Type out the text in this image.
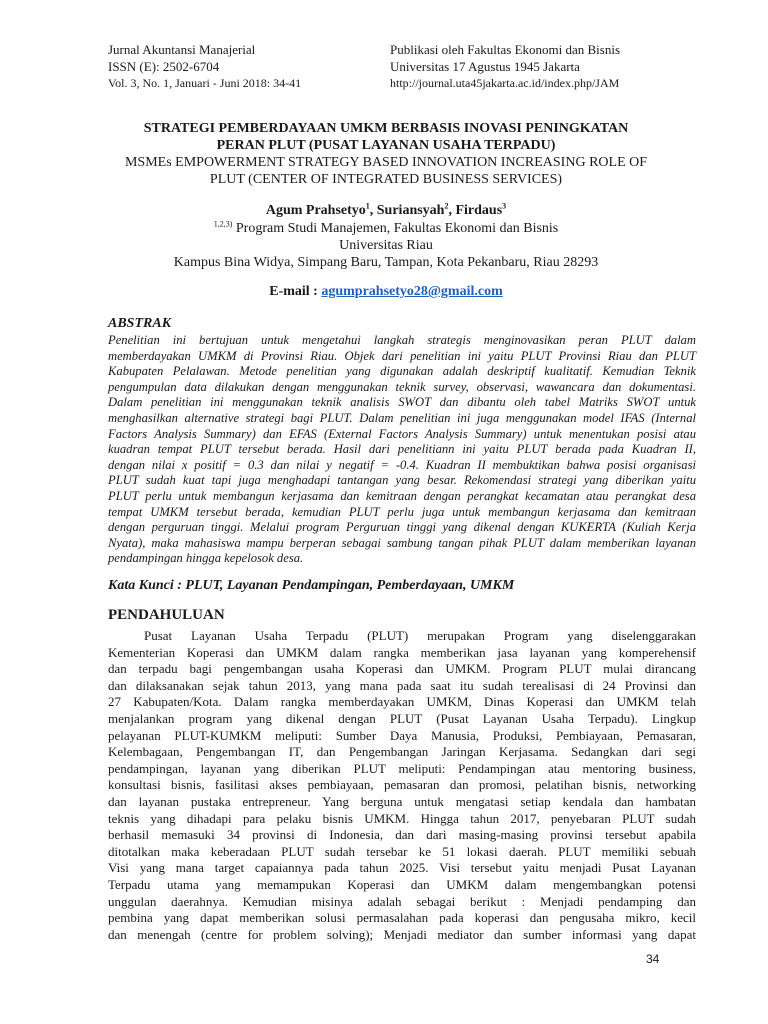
Jurnal Akuntansi Manajerial
ISSN (E): 2502-6704
Vol. 3, No. 1, Januari - Juni 2018: 34-41
Publikasi oleh Fakultas Ekonomi dan Bisnis
Universitas 17 Agustus 1945 Jakarta
http://journal.uta45jakarta.ac.id/index.php/JAM
STRATEGI PEMBERDAYAAN UMKM BERBASIS INOVASI PENINGKATAN
PERAN PLUT (PUSAT LAYANAN USAHA TERPADU)
MSMEs EMPOWERMENT STRATEGY BASED INNOVATION INCREASING ROLE OF
PLUT (CENTER OF INTEGRATED BUSINESS SERVICES)
Agum Prahsetyo$^1$, Suriansyah$^2$, Firdaus$^3$
$^{1,2,3)}$ Program Studi Manajemen, Fakultas Ekonomi dan Bisnis
Universitas Riau
Kampus Bina Widya, Simpang Baru, Tampan, Kota Pekanbaru, Riau 28293
E-mail : agumprahsetyo28@gmail.com
ABSTRAK
Penelitian ini bertujuan untuk mengetahui langkah strategis menginovasikan peran PLUT dalam
memberdayakan UMKM di Provinsi Riau. Objek dari penelitian ini yaitu PLUT Provinsi Riau dan PLUT
Kabupaten Pelalawan. Metode penelitian yang digunakan adalah deskriptif kualitatif. Kemudian Teknik
pengumpulan data dilakukan dengan menggunakan teknik survey, observasi, wawancara dan dokumentasi.
Dalam penelitian ini menggunakan teknik analisis SWOT dan dibantu oleh tabel Matriks SWOT untuk
menghasilkan alternative strategi bagi PLUT. Dalam penelitian ini juga menggunakan model IFAS (Internal
Factors Analysis Summary) dan EFAS (External Factors Analysis Summary) untuk menentukan posisi atau
kuadran tempat PLUT tersebut berada. Hasil dari penelitiann ini yaitu PLUT berada pada Kuadran II,
dengan nilai x positif = 0.3 dan nilai y negatif = -0.4. Kuadran II membuktikan bahwa posisi organisasi
PLUT sudah kuat tapi juga menghadapi tantangan yang besar. Rekomendasi strategi yang diberikan yaitu
PLUT perlu untuk membangun kerjasama dan kemitraan dengan perangkat kecamatan atau perangkat desa
tempat UMKM tersebut berada, kemudian PLUT perlu juga untuk membangun kerjasama dan kemitraan
dengan perguruan tinggi. Melalui program Perguruan tinggi yang dikenal dengan KUKERTA (Kuliah Kerja
Nyata), maka mahasiswa mampu berperan sebagai sambung tangan pihak PLUT dalam memberikan layanan
pendampingan hingga kepelosok desa.
Kata Kunci : PLUT, Layanan Pendampingan, Pemberdayaan, UMKM
PENDAHULUAN
Pusat Layanan Usaha Terpadu (PLUT) merupakan Program yang diselenggarakan
Kementerian Koperasi dan UMKM dalam rangka memberikan jasa layanan yang komperehensif
dan terpadu bagi pengembangan usaha Koperasi dan UMKM. Program PLUT mulai dirancang
dan dilaksanakan sejak tahun 2013, yang mana pada saat itu sudah terealisasi di 24 Provinsi dan
27 Kabupaten/Kota. Dalam rangka memberdayakan UMKM, Dinas Koperasi dan UMKM telah
menjalankan program yang dikenal dengan PLUT (Pusat Layanan Usaha Terpadu). Lingkup
pelayanan PLUT-KUMKM meliputi: Sumber Daya Manusia, Produksi, Pembiayaan, Pemasaran,
Kelembagaan, Pengembangan IT, dan Pengembangan Jaringan Kerjasama. Sedangkan dari segi
pendampingan, layanan yang diberikan PLUT meliputi: Pendampingan atau mentoring business,
konsultasi bisnis, fasilitasi akses pembiayaan, pemasaran dan promosi, pelatihan bisnis, networking
dan layanan pustaka entrepreneur. Yang berguna untuk mengatasi setiap kendala dan hambatan
teknis yang dihadapi para pelaku bisnis UMKM. Hingga tahun 2017, penyebaran PLUT sudah
berhasil memasuki 34 provinsi di Indonesia, dan dari masing-masing provinsi tersebut apabila
ditotalkan maka keberadaan PLUT sudah tersebar ke 51 lokasi daerah. PLUT memiliki sebuah
Visi yang mana target capaiannya pada tahun 2025. Visi tersebut yaitu menjadi Pusat Layanan
Terpadu utama yang memampukan Koperasi dan UMKM dalam mengembangkan potensi
unggulan daerahnya. Kemudian misinya adalah sebagai berikut : Menjadi pendamping dan
pembina yang dapat memberikan solusi permasalahan pada koperasi dan pengusaha mikro, kecil
dan menengah (centre for problem solving); Menjadi mediator dan sumber informasi yang dapat
34
